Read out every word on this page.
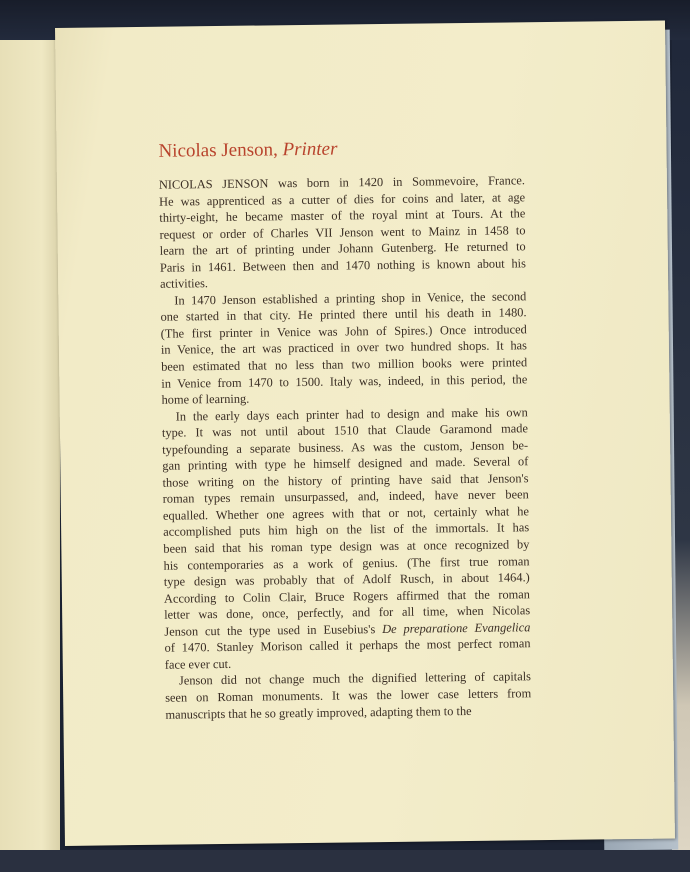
Nicolas Jenson, Printer
NICOLAS JENSON was born in 1420 in Sommevoire, France.
He was apprenticed as a cutter of dies for coins and later, at age
thirty-eight, he became master of the royal mint at Tours. At the
request or order of Charles VII Jenson went to Mainz in 1458 to
learn the art of printing under Johann Gutenberg. He returned to
Paris in 1461. Between then and 1470 nothing is known about his
activities.
In 1470 Jenson established a printing shop in Venice, the second
one started in that city. He printed there until his death in 1480.
(The first printer in Venice was John of Spires.) Once introduced
in Venice, the art was practiced in over two hundred shops. It has
been estimated that no less than two million books were printed
in Venice from 1470 to 1500. Italy was, indeed, in this period, the
home of learning.
In the early days each printer had to design and make his own
type. It was not until about 1510 that Claude Garamond made
typefounding a separate business. As was the custom, Jenson be-
gan printing with type he himself designed and made. Several of
those writing on the history of printing have said that Jenson's
roman types remain unsurpassed, and, indeed, have never been
equalled. Whether one agrees with that or not, certainly what he
accomplished puts him high on the list of the immortals. It has
been said that his roman type design was at once recognized by
his contemporaries as a work of genius. (The first true roman
type design was probably that of Adolf Rusch, in about 1464.)
According to Colin Clair, Bruce Rogers affirmed that the roman
letter was done, once, perfectly, and for all time, when Nicolas
Jenson cut the type used in Eusebius's De preparatione Evangelica
of 1470. Stanley Morison called it perhaps the most perfect roman
face ever cut.
Jenson did not change much the dignified lettering of capitals
seen on Roman monuments. It was the lower case letters from
manuscripts that he so greatly improved, adapting them to the
